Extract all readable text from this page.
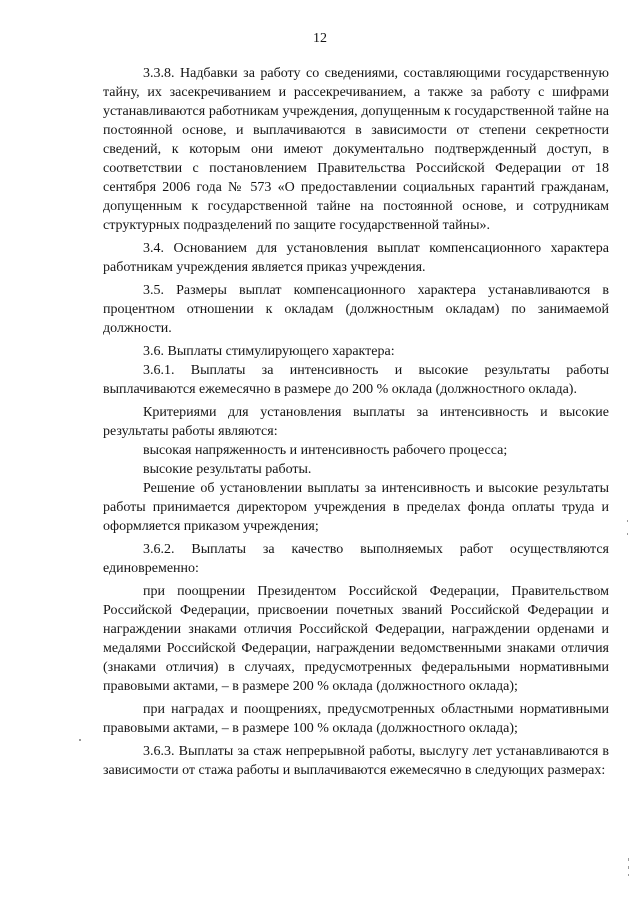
12

3.3.8. Надбавки за работу со сведениями, составляющими государственную тайну, их засекречиванием и рассекречиванием, а также за работу с шифрами устанавливаются работникам учреждения, допущенным к государственной тайне на постоянной основе, и выплачиваются в зависимости от степени секретности сведений, к которым они имеют документально подтвержденный доступ, в соответствии с постановлением Правительства Российской Федерации от 18 сентября 2006 года № 573 «О предоставлении социальных гарантий гражданам, допущенным к государственной тайне на постоянной основе, и сотрудникам структурных подразделений по защите государственной тайны».

3.4. Основанием для установления выплат компенсационного характера работникам учреждения является приказ учреждения.

3.5. Размеры выплат компенсационного характера устанавливаются в процентном отношении к окладам (должностным окладам) по занимаемой должности.

3.6. Выплаты стимулирующего характера:

3.6.1. Выплаты за интенсивность и высокие результаты работы выплачиваются ежемесячно в размере до 200 % оклада (должностного оклада).

Критериями для установления выплаты за интенсивность и высокие результаты работы являются:

высокая напряженность и интенсивность рабочего процесса;

высокие результаты работы.

Решение об установлении выплаты за интенсивность и высокие результаты работы принимается директором учреждения в пределах фонда оплаты труда и оформляется приказом учреждения;

3.6.2. Выплаты за качество выполняемых работ осуществляются единовременно:

при поощрении Президентом Российской Федерации, Правительством Российской Федерации, присвоении почетных званий Российской Федерации и награждении знаками отличия Российской Федерации, награждении орденами и медалями Российской Федерации, награждении ведомственными знаками отличия (знаками отличия) в случаях, предусмотренных федеральными нормативными правовыми актами, – в размере 200 % оклада (должностного оклада);

при наградах и поощрениях, предусмотренных областными нормативными правовыми актами, – в размере 100 % оклада (должностного оклада);

3.6.3. Выплаты за стаж непрерывной работы, выслугу лет устанавливаются в зависимости от стажа работы и выплачиваются ежемесячно в следующих размерах:
